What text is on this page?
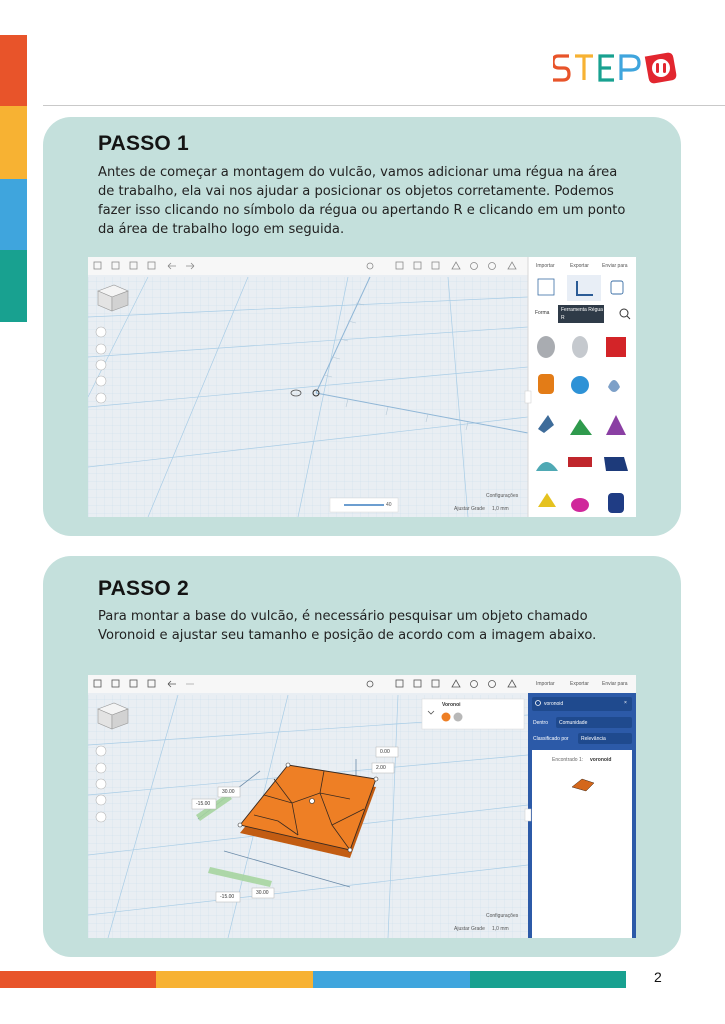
STEP
PASSO 1

Antes de começar a montagem do vulcão, vamos adicionar uma régua na área
de trabalho, ela vai nos ajudar a posicionar os objetos corretamente. Podemos
fazer isso clicando no símbolo da régua ou apertando R e clicando em um ponto
da área de trabalho logo em seguida.

Importar	Exportar	Enviar para
Forma Ferramenta Régua
R
Configurações
Ajustar Grade 1,0 mm
40
PASSO 2

Para montar a base do vulcão, é necessário pesquisar um objeto chamado
Voronoid e ajustar seu tamanho e posição de acordo com a imagem abaixo.

Importar	Exportar	Enviar para
Voronoi	voronoid	×
Dentro Comunidade
Classificado por Relevância
Encontrado 1: voronoid
0.00
2.00
30.00
-15.00
30.00
-15.00
Configurações
Ajustar Grade 1,0 mm
2
